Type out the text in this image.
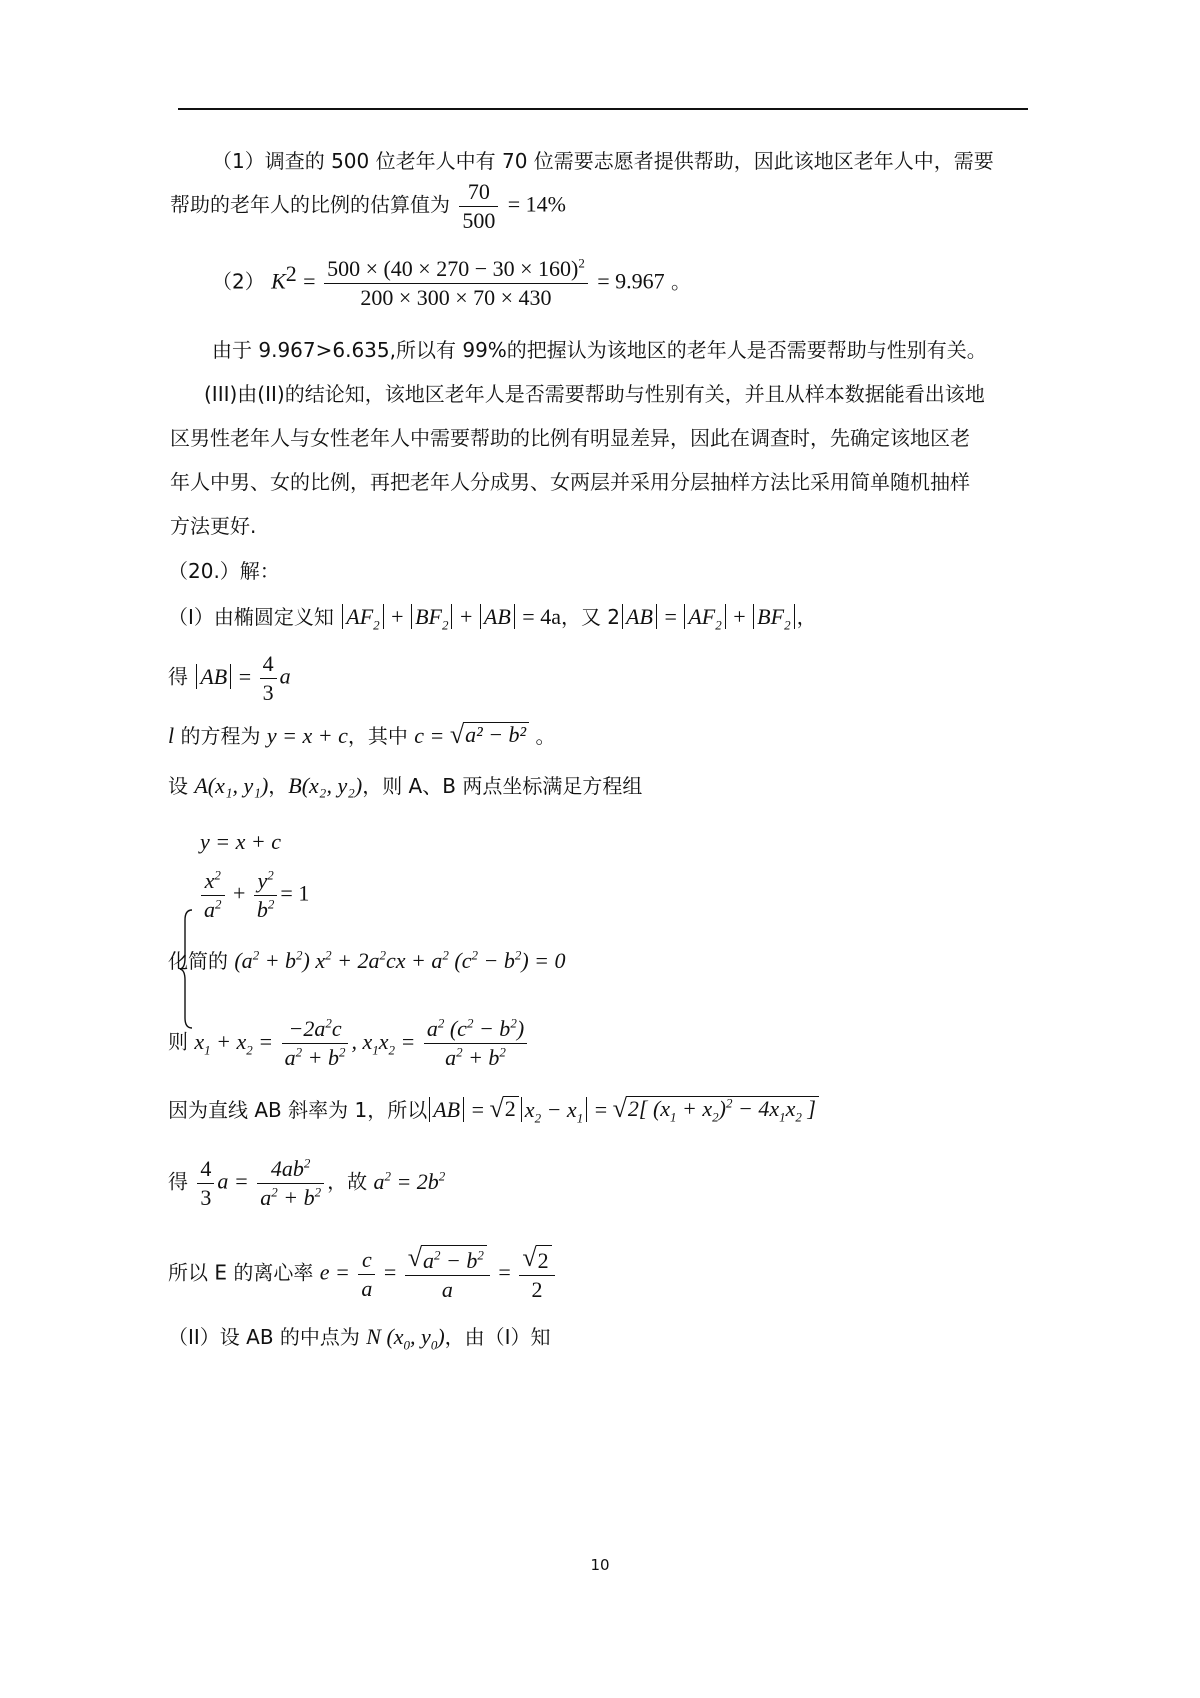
（1）调查的 500 位老年人中有 70 位需要志愿者提供帮助，因此该地区老年人中，需要
帮助的老年人的比例的估算值为 $\frac{70}{500} = 14\%$
（2） $K^2 = \frac{500 \times (40 \times 270 - 30 \times 160)^2}{200 \times 300 \times 70 \times 430} = 9.967$ 。
由于 9.967>6.635,所以有 99%的把握认为该地区的老年人是否需要帮助与性别有关。
(III)由(II)的结论知，该地区老年人是否需要帮助与性别有关，并且从样本数据能看出该地
区男性老年人与女性老年人中需要帮助的比例有明显差异，因此在调查时，先确定该地区老
年人中男、女的比例，再把老年人分成男、女两层并采用分层抽样方法比采用简单随机抽样
方法更好.
（20.）解：
（I）由椭圆定义知 $AF_2 + BF_2$ + AB = 4a，又 2 AB = $AF_2 + BF_2$ ，
得 AB = $\frac{4}{3}$ a
l 的方程为 y = x + c，其中 c = √ a² − b² 。
设 A(x₁, y₁)，B(x₂, y₂)，则 A、B 两点坐标满足方程组
y = x + c
$\frac{x^2}{a^2} + \frac{y^2}{b^2} = 1$
化简的 $(a^2 + b^2) x^2 + 2a^2cx + a^2$ $(c^2 - b^2) = 0$
则 $x_1 + x_2 = \frac{-2a^2c}{a^2 + b^2}$ , $x_1x_2 = \frac{a^2 (c^2 - b^2)}{a^2 + b^2}$
因为直线 AB 斜率为 1，所以 AB = √ 2 $x_2 - x_1$ = √ 2[ $(x_1 + x_2)^2 - 4x_1x_2$ ]
得 $\frac{4}{3}$ $a = \frac{4ab^2}{a^2 + b^2}$ ，故 $a^2 = 2b^2$
所以 E 的离心率 $e = \frac{c}{a} = \frac{√ a^2 - b^2}{a} = \frac{√ 2}{2}$
（II）设 AB 的中点为 N ($x_0$, $y_0$)，由（I）知
10
